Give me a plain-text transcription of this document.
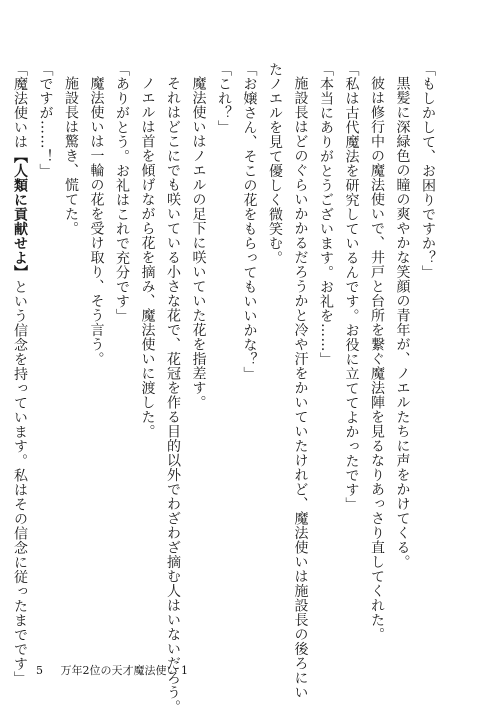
「もしかして、お困りですか？」
黒髪に深緑色の瞳の爽やかな笑顔の青年が、ノエルたちに声をかけてくる。
彼は修行中の魔法使いで、井戸と台所を繋ぐ魔法陣を見るなりあっさり直してくれた。
「私は古代魔法を研究しているんです。お役に立ててよかったです」
「本当にありがとうございます。お礼を……」
施設長はどのぐらいかかるだろうかと冷や汗をかいていたけれど、魔法使いは施設長の後ろにい
たノエルを見て優しく微笑む。
「お嬢さん、そこの花をもらってもいいかな？」
「これ？」
魔法使いはノエルの足下に咲いていた花を指差す。
それはどこにでも咲いている小さな花で、花冠を作る目的以外でわざわざ摘む人はいないだろう。
ノエルは首を傾げながら花を摘み、魔法使いに渡した。
「ありがとう。お礼はこれで充分です」
魔法使いは一輪の花を受け取り、そう言う。
施設長は驚き、慌てた。
「ですが……！」
「魔法使いは【人類に貢献せよ】という信念を持っています。私はその信念に従ったまでです」 5 万年2位の天才魔法使い 1
